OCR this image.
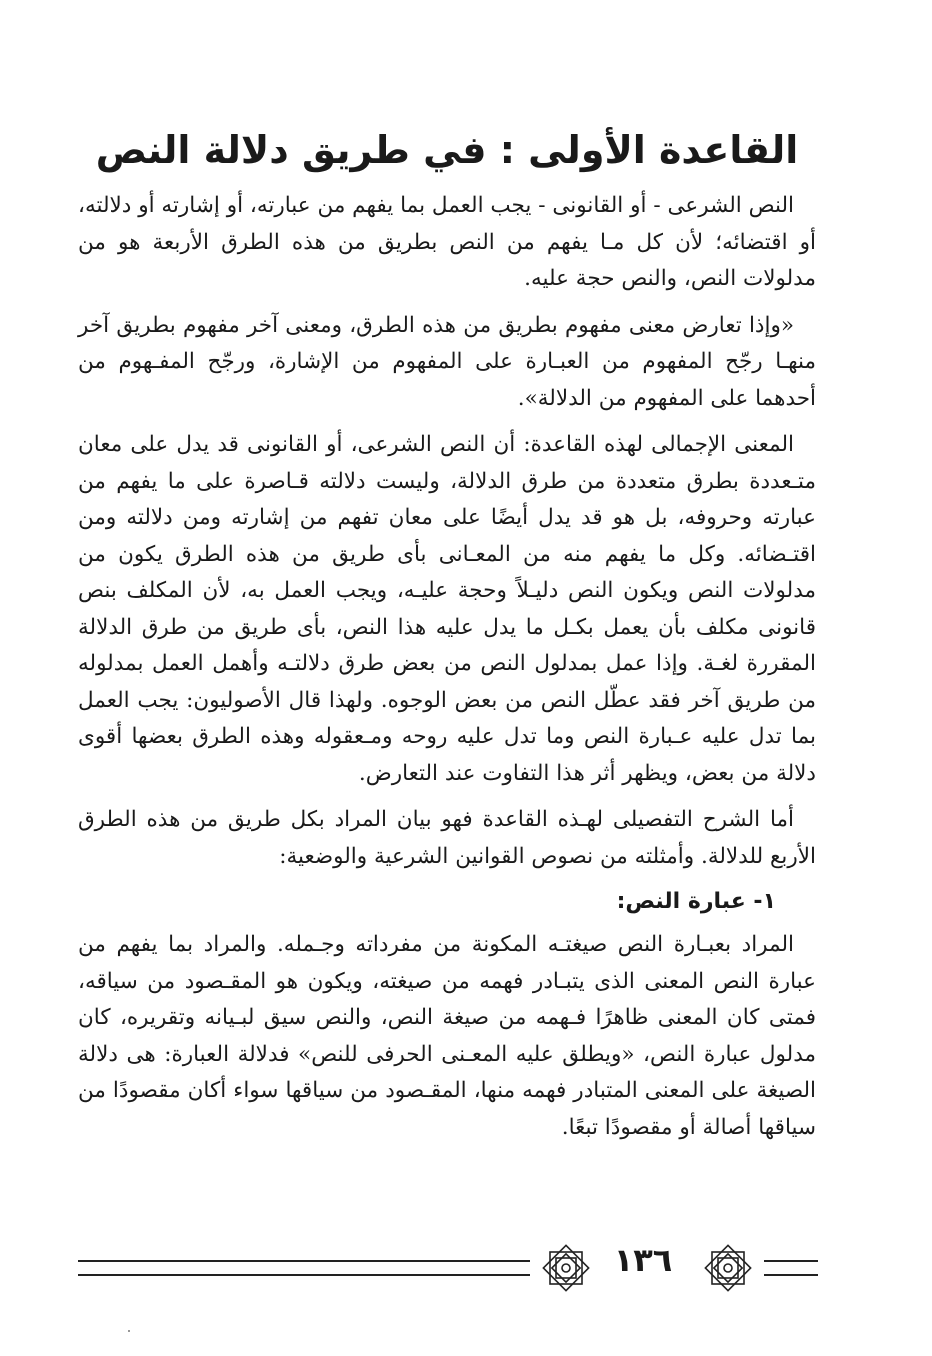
القاعدة الأولى : في طريق دلالة النص

النص الشرعى - أو القانونى - يجب العمل بما يفهم من عبارته، أو إشارته أو دلالته، أو اقتضائه؛ لأن كل مـا يفهم من النص بطريق من هذه الطرق الأربعة هو من مدلولات النص، والنص حجة عليه.

«وإذا تعارض معنى مفهوم بطريق من هذه الطرق، ومعنى آخر مفهوم بطريق آخر منهـا رجّح المفهوم من العبـارة على المفهوم من الإشارة، ورجّح المفـهوم من أحدهما على المفهوم من الدلالة».

المعنى الإجمالى لهذه القاعدة: أن النص الشرعى، أو القانونى قد يدل على معان متـعددة بطرق متعددة من طرق الدلالة، وليست دلالته قـاصرة على ما يفهم من عبارته وحروفه، بل هو قد يدل أيضًا على معان تفهم من إشارته ومن دلالته ومن اقتـضائه. وكل ما يفهم منه من المعـانى بأى طريق من هذه الطرق يكون من مدلولات النص ويكون النص دليـلاً وحجة عليـه، ويجب العمل به، لأن المكلف بنص قانونى مكلف بأن يعمل بكـل ما يدل عليه هذا النص، بأى طريق من طرق الدلالة المقررة لغـة. وإذا عمل بمدلول النص من بعض طرق دلالتـه وأهمل العمل بمدلوله من طريق آخر فقد عطّل النص من بعض الوجوه. ولهذا قال الأصوليون: يجب العمل بما تدل عليه عـبارة النص وما تدل عليه روحه ومـعقوله وهذه الطرق بعضها أقوى دلالة من بعض، ويظهر أثر هذا التفاوت عند التعارض.

أما الشرح التفصيلى لهـذه القاعدة فهو بيان المراد بكل طريق من هذه الطرق الأربع للدلالة. وأمثلته من نصوص القوانين الشرعية والوضعية:

١- عبارة النص:

المراد بعبـارة النص صيغتـه المكونة من مفرداته وجـمله. والمراد بما يفهم من عبارة النص المعنى الذى يتبـادر فهمه من صيغته، ويكون هو المقـصود من سياقه، فمتى كان المعنى ظاهرًا فـهمه من صيغة النص، والنص سيق لبـيانه وتقريره، كان مدلول عبارة النص، «ويطلق عليه المعـنى الحرفى للنص» فدلالة العبارة: هى دلالة الصيغة على المعنى المتبادر فهمه منها، المقـصود من سياقها سواء أكان مقصودًا من سياقها أصالة أو مقصودًا تبعًا.

١٣٦
